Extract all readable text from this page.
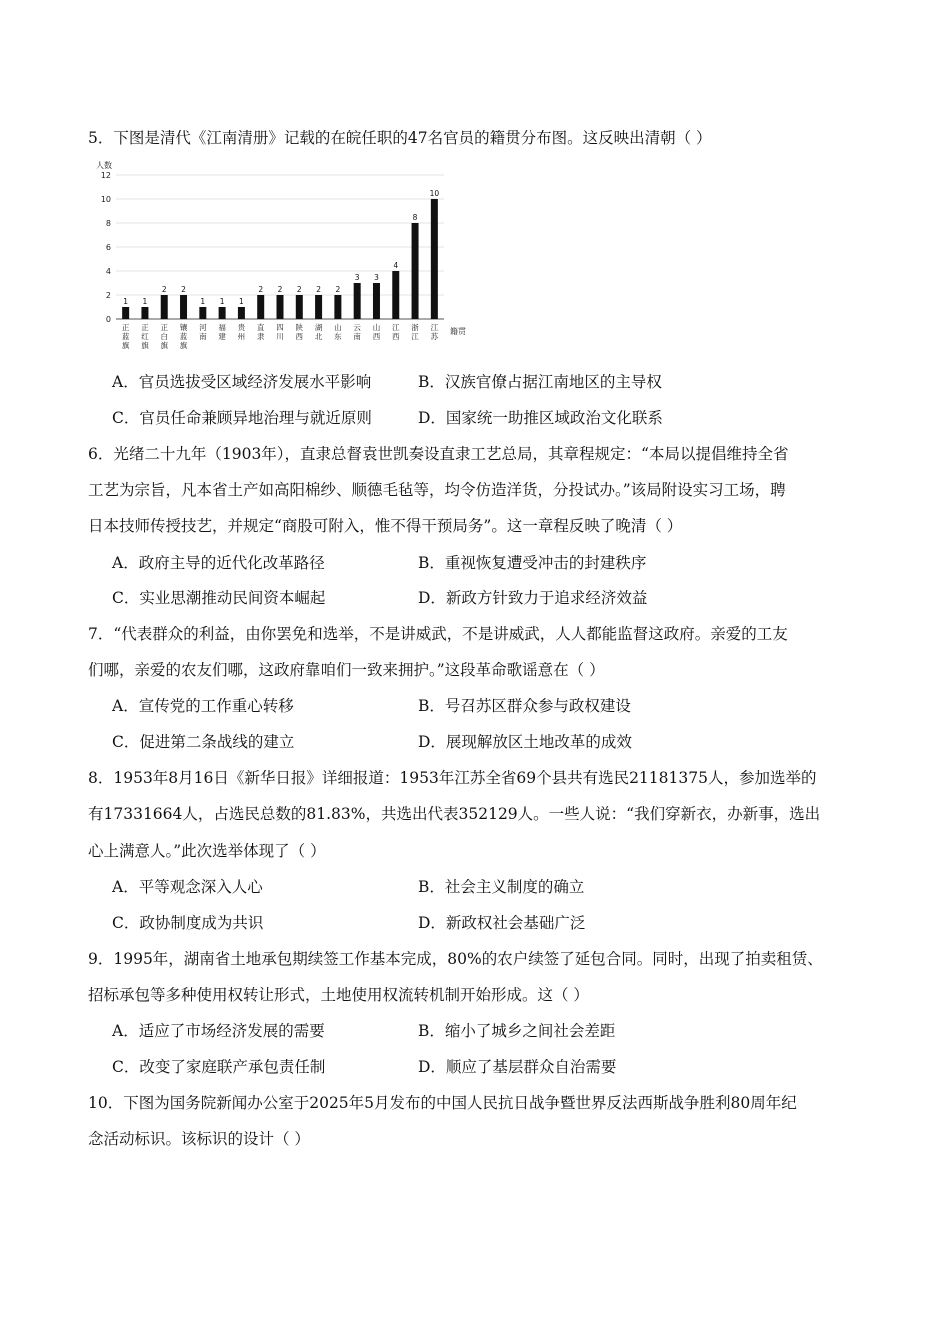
5．下图是清代《江南清册》记载的在皖任职的47名官员的籍贯分布图。这反映出清朝（ ）
人数
0
2
4
6
8
10
12
1 1
2 2
1 1 1
2 2 2 2 2
3 3
4
8
10
正蓝旗
正红旗
正白旗
镶蓝旗
河南
福建
贵州
直隶
四川
陕西
湖北
山东
云南
山西
江西
浙江
江苏
籍贯
A．官员选拔受区域经济发展水平影响	B．汉族官僚占据江南地区的主导权
C．官员任命兼顾异地治理与就近原则	D．国家统一助推区域政治文化联系
6．光绪二十九年（1903年），直隶总督袁世凯奏设直隶工艺总局，其章程规定：“本局以提倡维持全省
工艺为宗旨，凡本省土产如高阳棉纱、顺德毛毡等，均令仿造洋货，分投试办。”该局附设实习工场，聘
日本技师传授技艺，并规定“商股可附入，惟不得干预局务”。这一章程反映了晚清（ ）
A．政府主导的近代化改革路径	B．重视恢复遭受冲击的封建秩序
C．实业思潮推动民间资本崛起	D．新政方针致力于追求经济效益
7．“代表群众的利益，由你罢免和选举，不是讲威武，不是讲威武，人人都能监督这政府。亲爱的工友
们哪，亲爱的农友们哪，这政府靠咱们一致来拥护。”这段革命歌谣意在（ ）
A．宣传党的工作重心转移	B．号召苏区群众参与政权建设
C．促进第二条战线的建立	D．展现解放区土地改革的成效
8．1953年8月16日《新华日报》详细报道：1953年江苏全省69个县共有选民21181375人，参加选举的
有17331664人，占选民总数的81.83%，共选出代表352129人。一些人说：“我们穿新衣，办新事，选出
心上满意人。”此次选举体现了（ ）
A．平等观念深入人心	B．社会主义制度的确立
C．政协制度成为共识	D．新政权社会基础广泛
9．1995年，湖南省土地承包期续签工作基本完成，80%的农户续签了延包合同。同时，出现了拍卖租赁、
招标承包等多种使用权转让形式，土地使用权流转机制开始形成。这（ ）
A．适应了市场经济发展的需要	B．缩小了城乡之间社会差距
C．改变了家庭联产承包责任制	D．顺应了基层群众自治需要
10．下图为国务院新闻办公室于2025年5月发布的中国人民抗日战争暨世界反法西斯战争胜利80周年纪
念活动标识。该标识的设计（ ）
